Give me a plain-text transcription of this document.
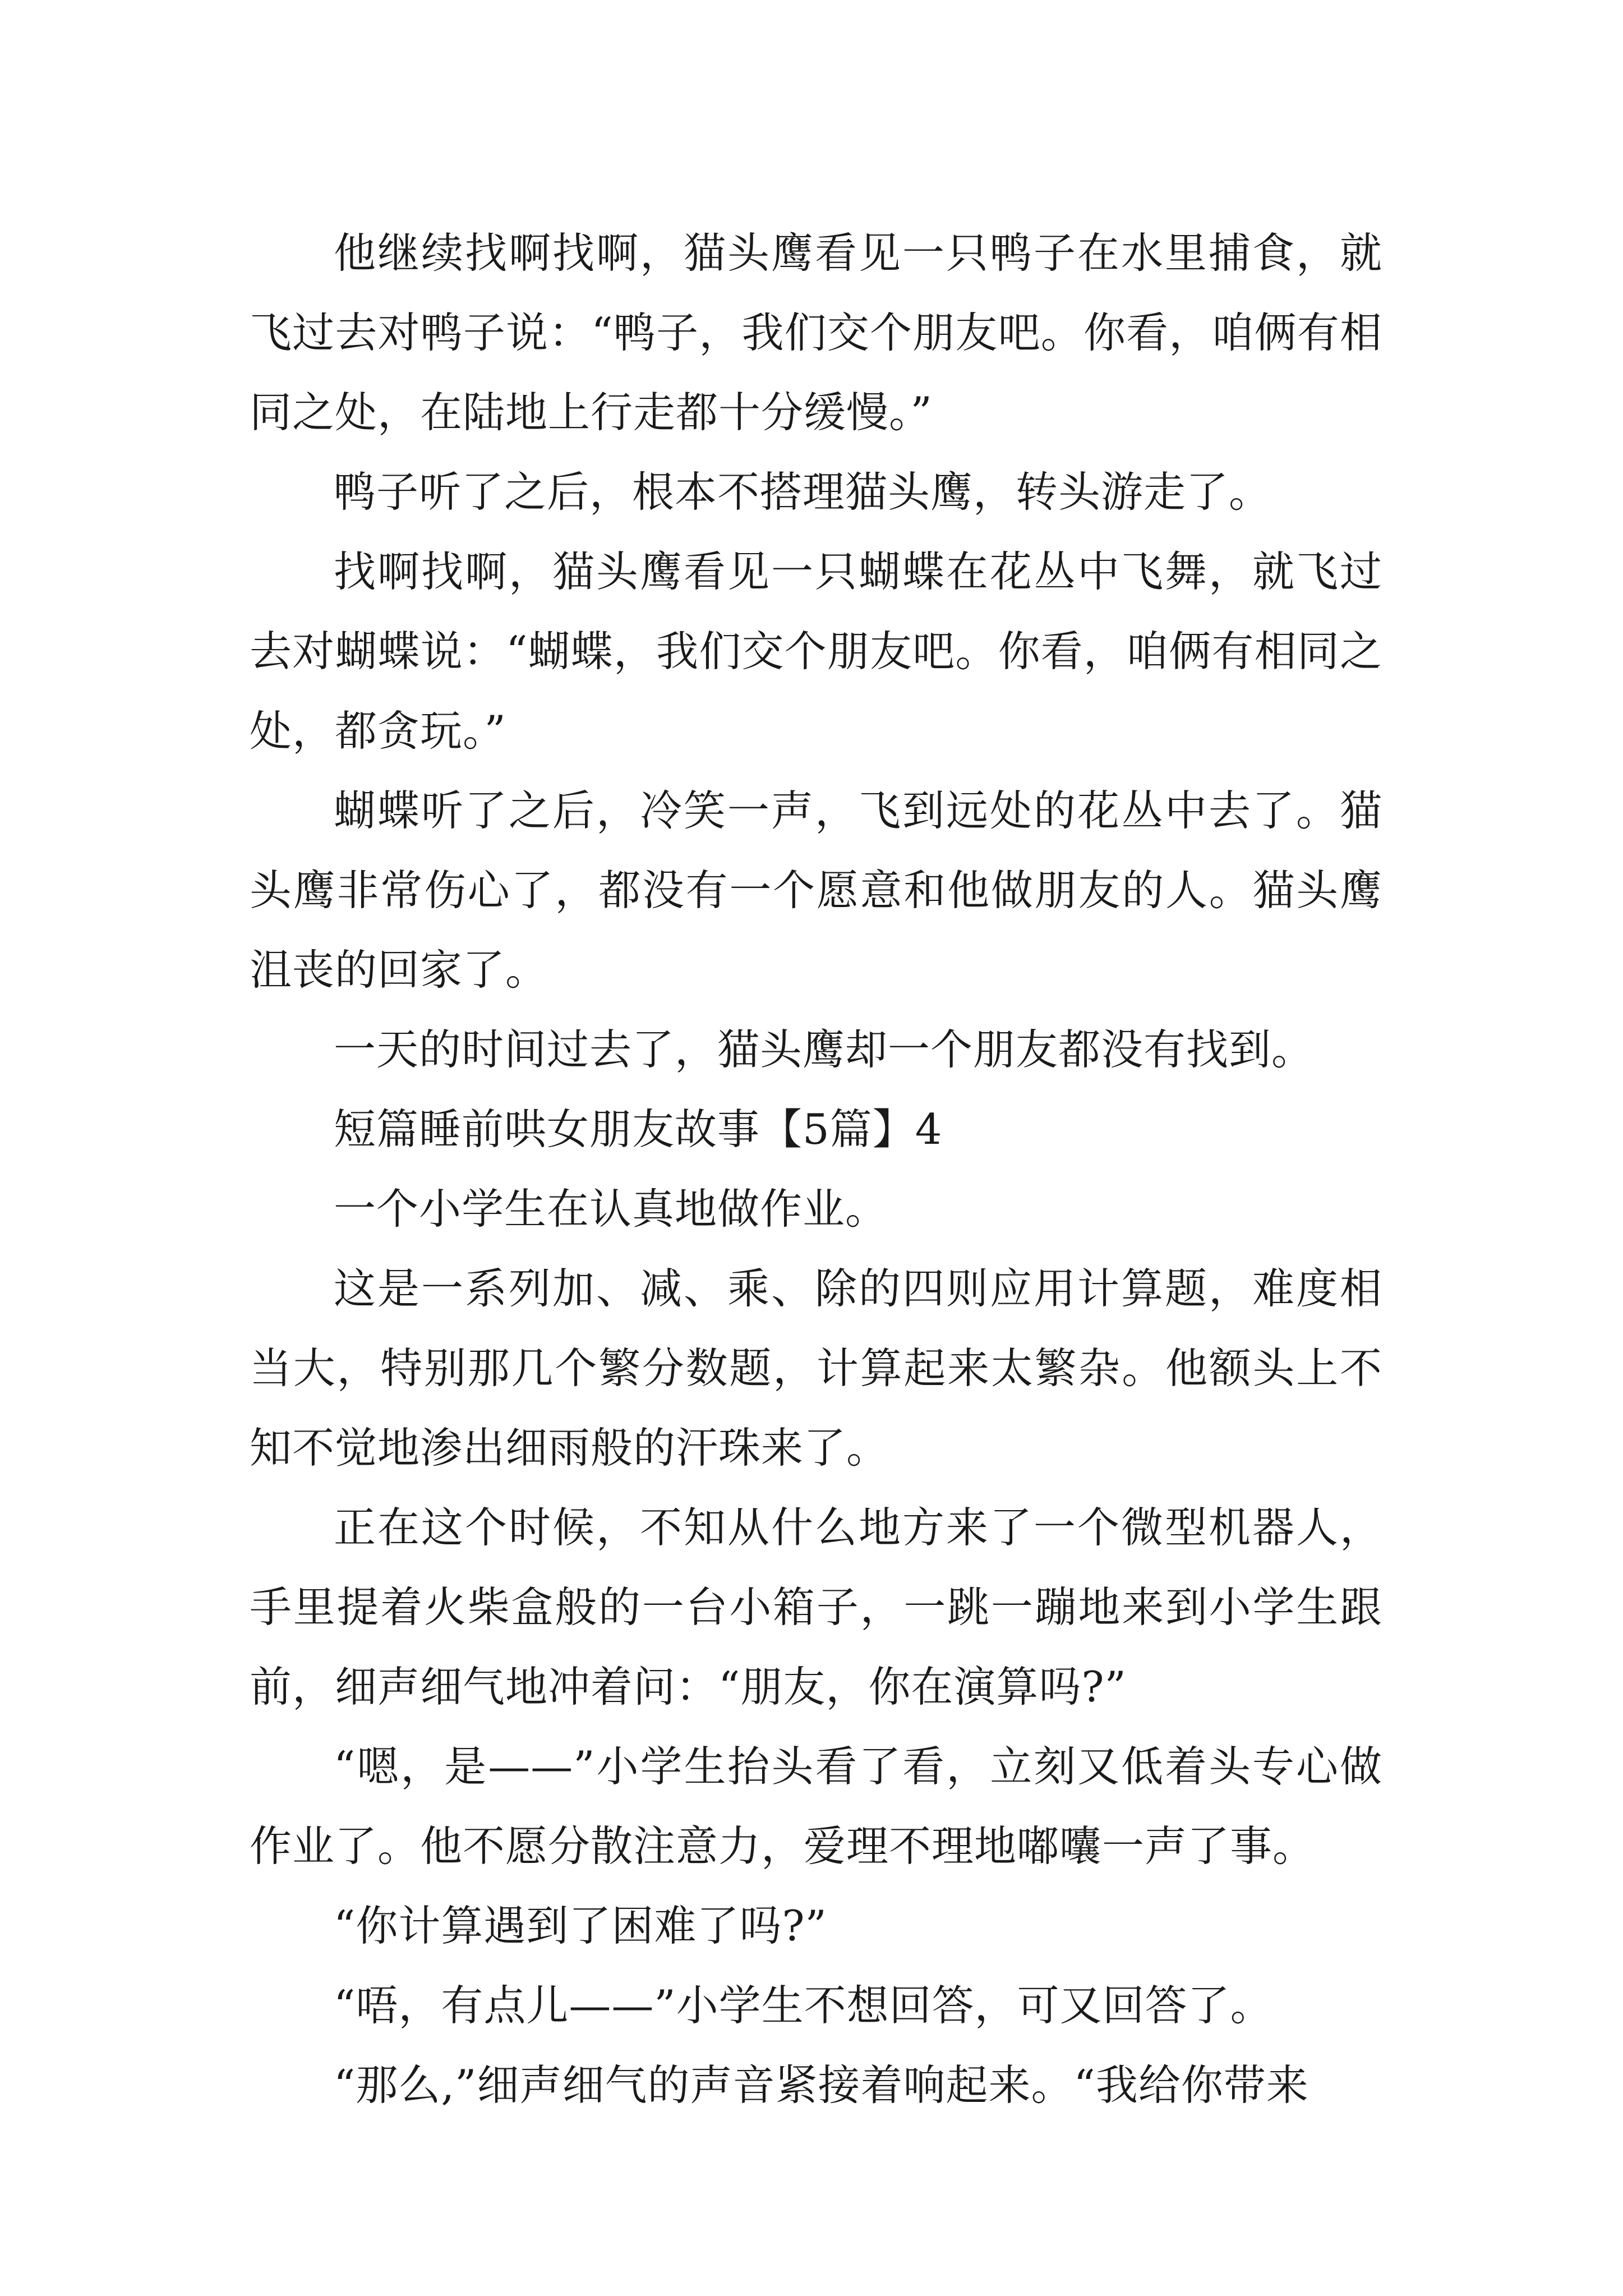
他继续找啊找啊，猫头鹰看见一只鸭子在水里捕食，就飞过去对鸭子说：“鸭子，我们交个朋友吧。你看，咱俩有相同之处，在陆地上行走都十分缓慢。”

鸭子听了之后，根本不搭理猫头鹰，转头游走了。

找啊找啊，猫头鹰看见一只蝴蝶在花丛中飞舞，就飞过去对蝴蝶说：“蝴蝶，我们交个朋友吧。你看，咱俩有相同之处，都贪玩。”

蝴蝶听了之后，冷笑一声，飞到远处的花丛中去了。猫头鹰非常伤心了，都没有一个愿意和他做朋友的人。猫头鹰沮丧的回家了。

一天的时间过去了，猫头鹰却一个朋友都没有找到。

短篇睡前哄女朋友故事【5篇】4

一个小学生在认真地做作业。

这是一系列加、减、乘、除的四则应用计算题，难度相当大，特别那几个繁分数题，计算起来太繁杂。他额头上不知不觉地渗出细雨般的汗珠来了。

正在这个时候，不知从什么地方来了一个微型机器人，手里提着火柴盒般的一台小箱子，一跳一蹦地来到小学生跟前，细声细气地冲着问：“朋友，你在演算吗?”

“嗯，是——”小学生抬头看了看，立刻又低着头专心做作业了。他不愿分散注意力，爱理不理地嘟囔一声了事。

“你计算遇到了困难了吗?”

“唔，有点儿——”小学生不想回答，可又回答了。

“那么,”细声细气的声音紧接着响起来。“我给你带来
